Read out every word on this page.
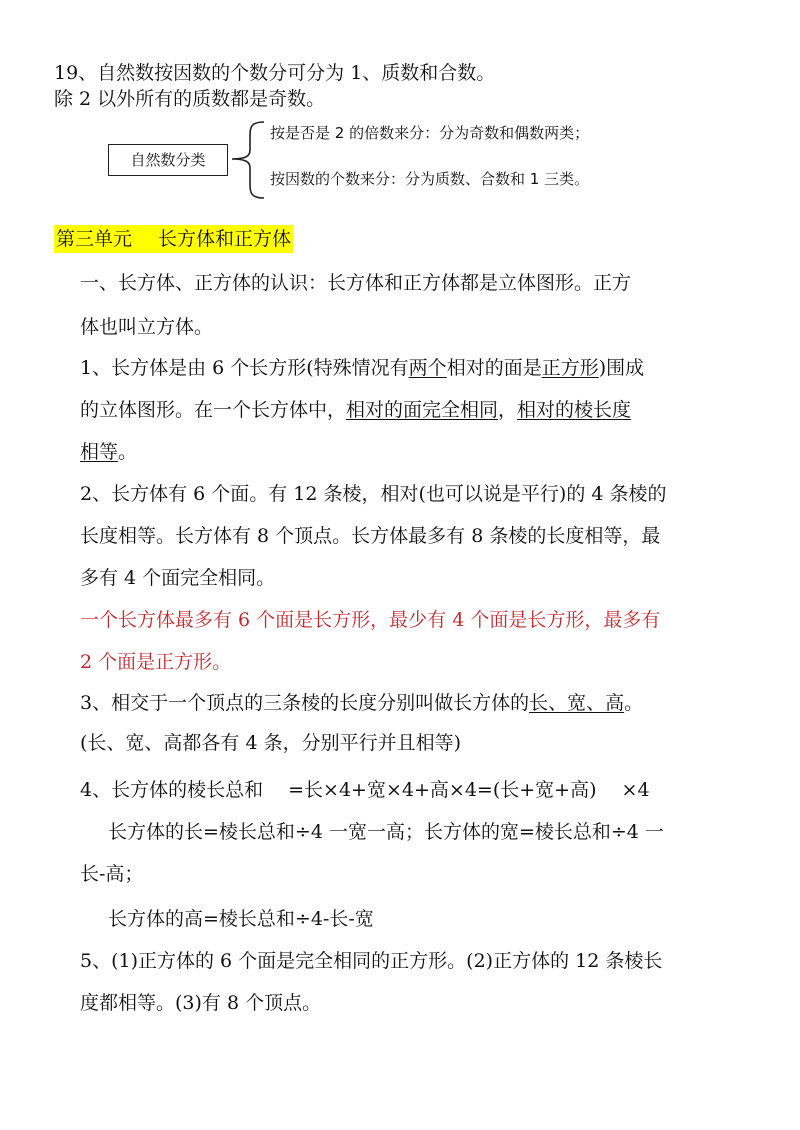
19、自然数按因数的个数分可分为 1、质数和合数。
除 2 以外所有的质数都是奇数。
自然数分类
按是否是 2 的倍数来分：分为奇数和偶数两类；
按因数的个数来分：分为质数、合数和 1 三类。
第三单元 长方体和正方体
一、长方体、正方体的认识：长方体和正方体都是立体图形。正方
体也叫立方体。
1、长方体是由 6 个长方形(特殊情况有两个相对的面是正方形)围成
的立体图形。在一个长方体中，相对的面完全相同，相对的棱长度
相等。
2、长方体有 6 个面。有 12 条棱，相对(也可以说是平行)的 4 条棱的
长度相等。长方体有 8 个顶点。长方体最多有 8 条棱的长度相等，最
多有 4 个面完全相同。
一个长方体最多有 6 个面是长方形，最少有 4 个面是长方形，最多有
2 个面是正方形。
3、相交于一个顶点的三条棱的长度分别叫做长方体的长、宽、高。
(长、宽、高都各有 4 条，分别平行并且相等)
4、长方体的棱长总和　 =长×4+宽×4+高×4=(长+宽+高)　 ×4
长方体的长=棱长总和÷4 一宽一高；长方体的宽=棱长总和÷4 一
长-高；
长方体的高=棱长总和÷4-长-宽
5、(1)正方体的 6 个面是完全相同的正方形。(2)正方体的 12 条棱长
度都相等。(3)有 8 个顶点。
